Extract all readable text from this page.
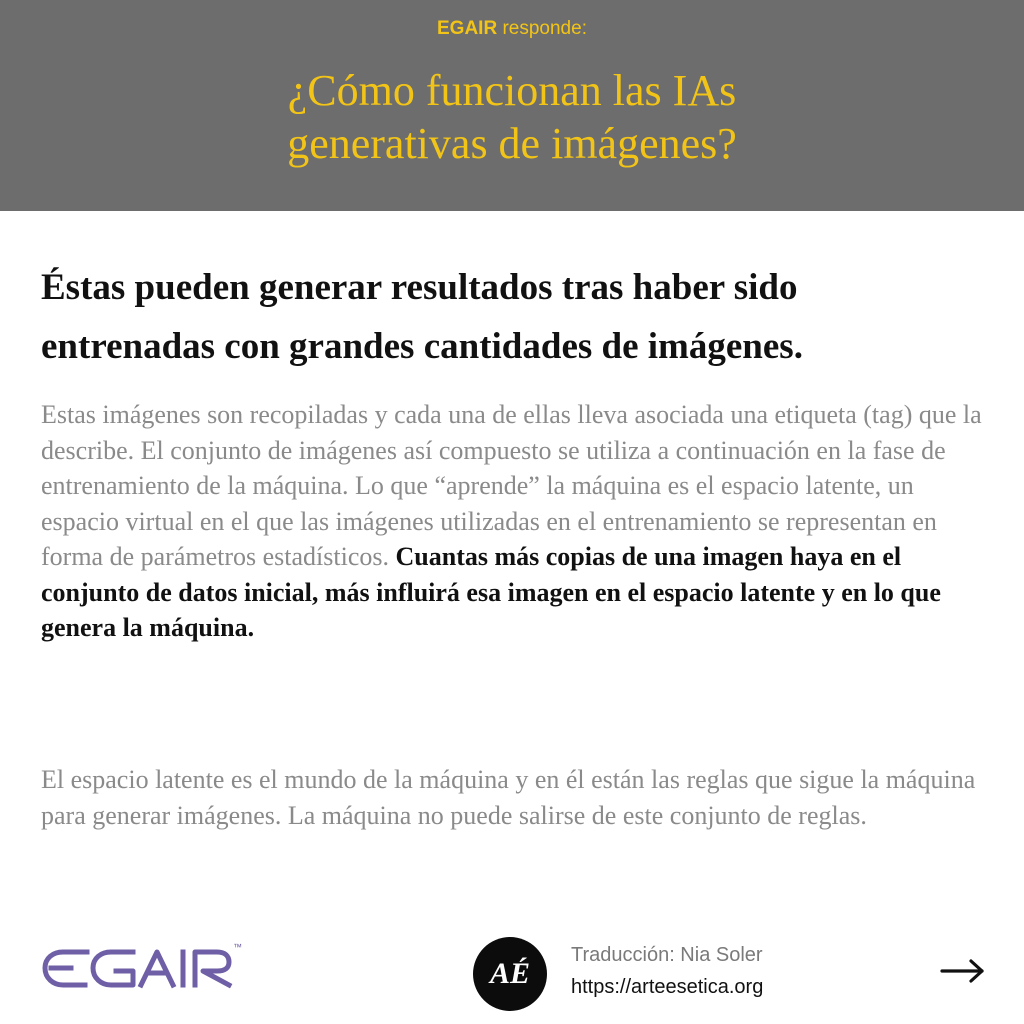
EGAIR responde:
¿Cómo funcionan las IAs
generativas de imágenes?
Éstas pueden generar resultados tras haber sido
entrenadas con grandes cantidades de imágenes.
Estas imágenes son recopiladas y cada una de ellas lleva asociada una etiqueta (tag) que la describe. El conjunto de imágenes así compuesto se utiliza a continuación en la fase de entrenamiento de la máquina. Lo que “aprende” la máquina es el espacio latente, un espacio virtual en el que las imágenes utilizadas en el entrenamiento se representan en forma de parámetros estadísticos. Cuantas más copias de una imagen haya en el conjunto de datos inicial, más influirá esa imagen en el espacio latente y en lo que genera la máquina.
El espacio latente es el mundo de la máquina y en él están las reglas que sigue la máquina para generar imágenes. La máquina no puede salirse de este conjunto de reglas.
™
AÉ
Traducción: Nia Soler
https://arteesetica.org
